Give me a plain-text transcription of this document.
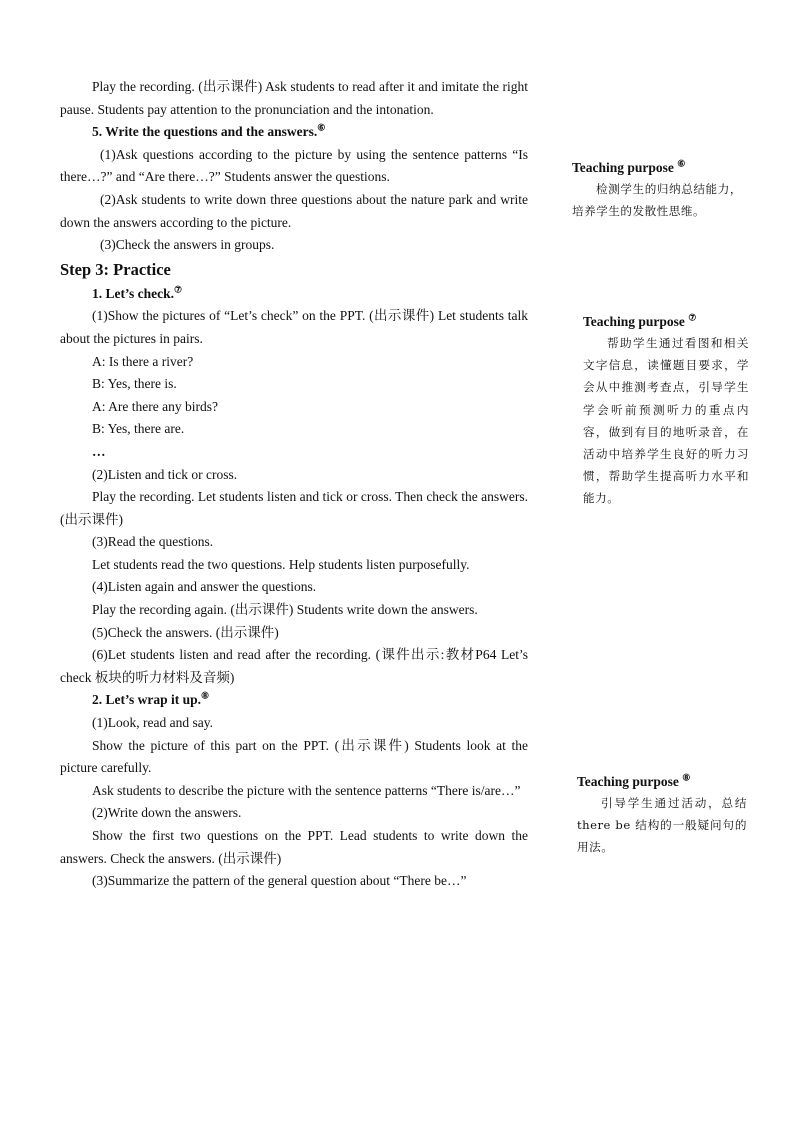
Play the recording. (出示课件) Ask students to read after it and imitate the right pause. Students pay attention to the pronunciation and the intonation.

5. Write the questions and the answers.⑥

(1)Ask questions according to the picture by using the sentence patterns “Is there…?” and “Are there…?” Students answer the questions.

(2)Ask students to write down three questions about the nature park and write down the answers according to the picture.

(3)Check the answers in groups.

Step 3: Practice

1. Let’s check.⑦

(1)Show the pictures of “Let’s check” on the PPT. (出示课件) Let students talk about the pictures in pairs.

A: Is there a river?

B: Yes, there is.

A: Are there any birds?

B: Yes, there are.

…

(2)Listen and tick or cross.

Play the recording. Let students listen and tick or cross. Then check the answers. (出示课件)

(3)Read the questions.

Let students read the two questions. Help students listen purposefully.

(4)Listen again and answer the questions.

Play the recording again. (出示课件) Students write down the answers.

(5)Check the answers. (出示课件)

(6)Let students listen and read after the recording. (课件出示:教材P64 Let’s check 板块的听力材料及音频)

2. Let’s wrap it up.⑧

(1)Look, read and say.

Show the picture of this part on the PPT. (出示课件) Students look at the picture carefully.

Ask students to describe the picture with the sentence patterns “There is/are…”

(2)Write down the answers.

Show the first two questions on the PPT. Lead students to write down the answers. Check the answers. (出示课件)

(3)Summarize the pattern of the general question about “There be…”

Teaching purpose ⑥

检测学生的归纳总结能力，培养学生的发散性思维。

Teaching purpose ⑦

帮助学生通过看图和相关文字信息，读懂题目要求，学会从中推测考查点，引导学生学会听前预测听力的重点内容，做到有目的地听录音，在活动中培养学生良好的听力习惯，帮助学生提高听力水平和能力。

Teaching purpose ⑧

引导学生通过活动，总结 there be 结构的一般疑问句的用法。
